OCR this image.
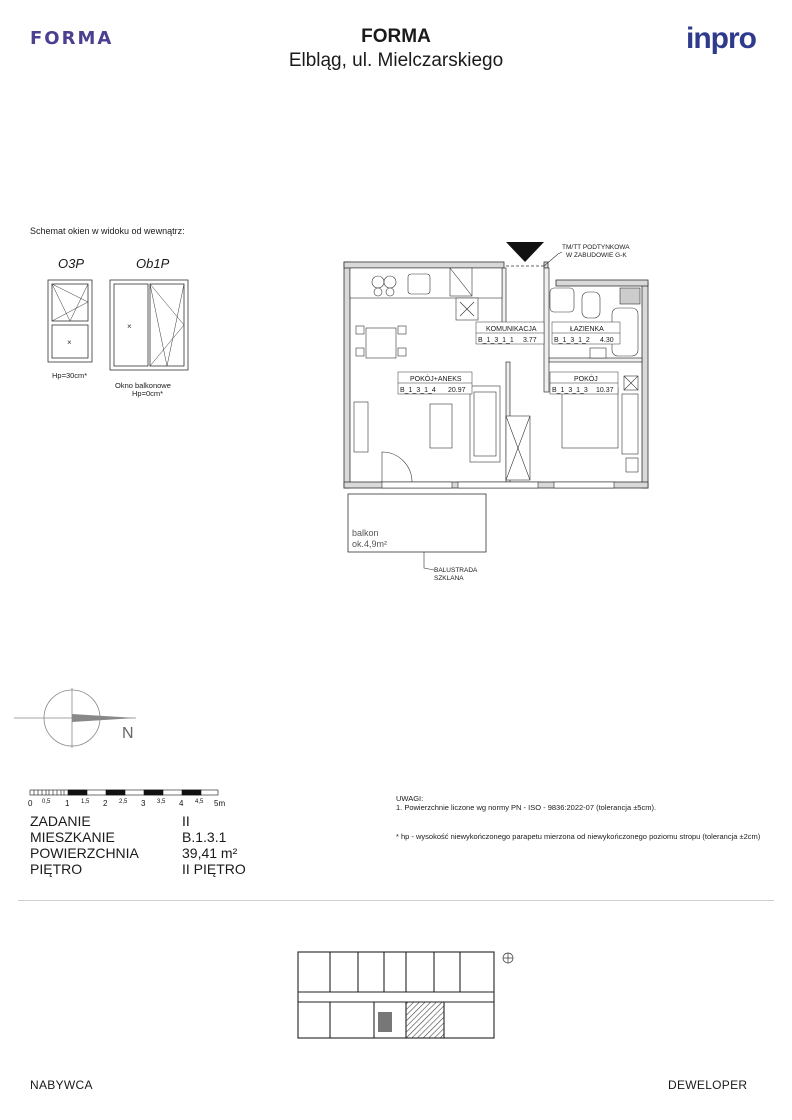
FORMA	FORMA
Elbląg, ul. Mielczarskiego
inpro
Schemat okien w widoku od wewnątrz:
O3P	Ob1P
×
×
Hp=30cm*
Okno balkonowe
Hp=0cm*
KOMUNIKACJA
B_1_3_1_1 3.77
ŁAZIENKA
B_1_3_1_2 4.30
POKÓJ+ANEKS
B_1_3_1_4 20.97
POKÓJ
B_1_3_1_3 10.37
TM/TT PODTYNKOWA
W ZABUDOWIE G-K
balkon
ok.4,9m²
BALUSTRADA
SZKLANA
N
0 0,5 1 1,5 2 2,5 3 3,5 4 4,5 5m
ZADANIE	II
MIESZKANIE	B.1.3.1
POWIERZCHNIA	39,41 m²
PIĘTRO	II PIĘTRO
UWAGI:
1. Powierzchnie liczone wg normy PN - ISO - 9836:2022-07 (tolerancja ±5cm).
* hp - wysokość niewykończonego parapetu mierzona od niewykończonego poziomu stropu (tolerancja ±2cm)
NABYWCA	DEWELOPER
